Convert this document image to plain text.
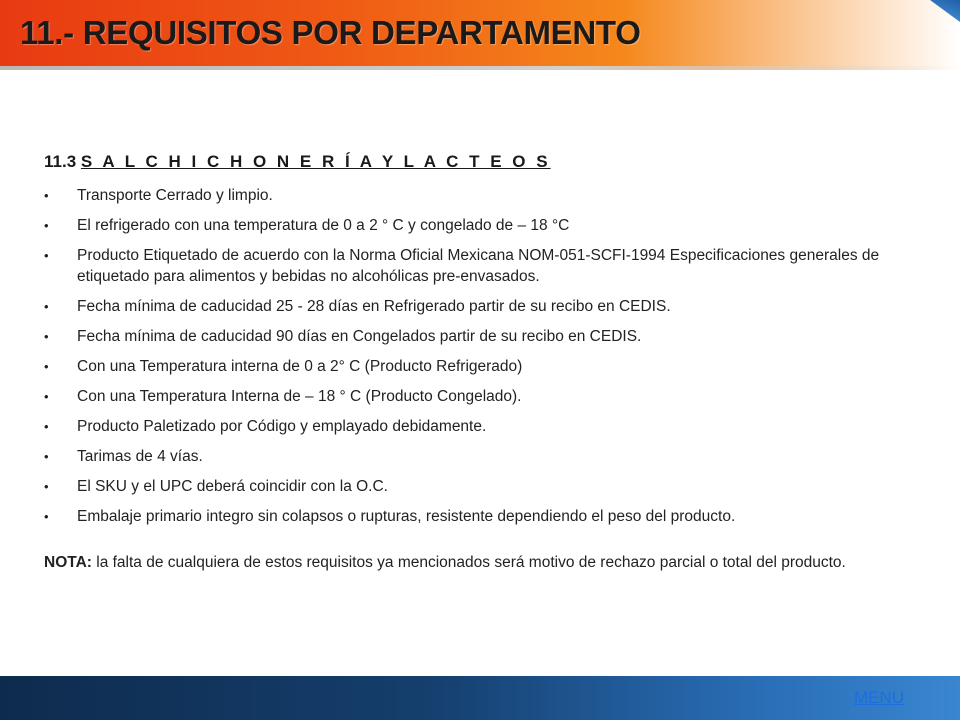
11.- REQUISITOS POR DEPARTAMENTO
11.3 S A L C H I C H O N E R Í A Y L A C T E O S
• Transporte Cerrado y limpio.
• El refrigerado con una temperatura de 0 a 2 ° C y congelado de – 18 °C
• Producto Etiquetado de acuerdo con la Norma Oficial Mexicana NOM-051-SCFI-1994 Especificaciones generales de etiquetado para alimentos y bebidas no alcohólicas pre-envasados.
• Fecha mínima de caducidad 25 - 28 días en Refrigerado partir de su recibo en CEDIS.
• Fecha mínima de caducidad 90 días en Congelados partir de su recibo en CEDIS.
• Con una Temperatura interna de 0 a 2° C (Producto Refrigerado)
• Con una Temperatura Interna de – 18 ° C (Producto Congelado).
• Producto Paletizado por Código y emplayado debidamente.
• Tarimas de 4 vías.
• El SKU y el UPC deberá coincidir con la O.C.
• Embalaje primario integro sin colapsos o rupturas, resistente dependiendo el peso del producto.

NOTA: la falta de cualquiera de estos requisitos ya mencionados será motivo de rechazo parcial o total del producto.

MENU
